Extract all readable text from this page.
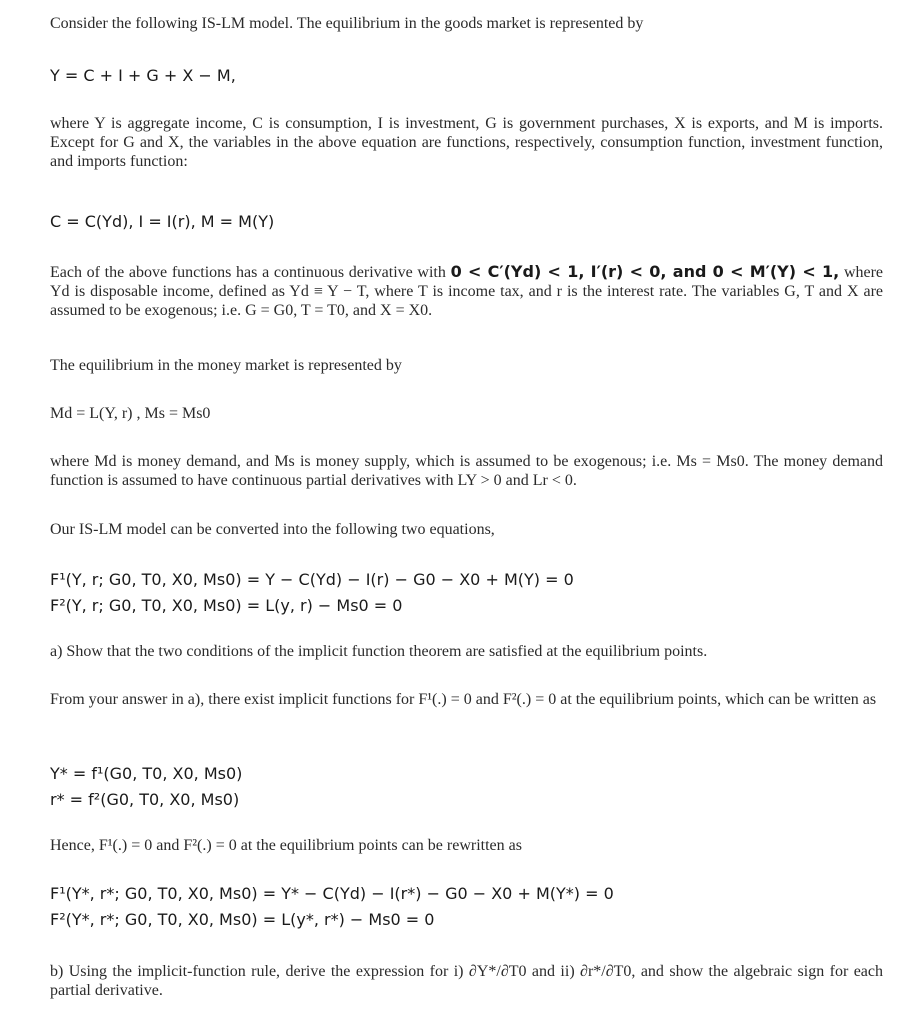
Consider the following IS-LM model. The equilibrium in the goods market is represented by

Y = C + I + G + X − M,

where Y is aggregate income, C is consumption, I is investment, G is government purchases, X is exports, and M is imports. Except for G and X, the variables in the above equation are functions, respectively, consumption function, investment function, and imports function:

C = C(Yd), I = I(r), M = M(Y)

Each of the above functions has a continuous derivative with 0 < C′(Yd) < 1, I′(r) < 0, and 0 < M′(Y) < 1, where Yd is disposable income, defined as Yd ≡ Y − T, where T is income tax, and r is the interest rate. The variables G, T and X are assumed to be exogenous; i.e. G = G0, T = T0, and X = X0.

The equilibrium in the money market is represented by

Md = L(Y, r) , Ms = Ms0

where Md is money demand, and Ms is money supply, which is assumed to be exogenous; i.e. Ms = Ms0. The money demand function is assumed to have continuous partial derivatives with LY > 0 and Lr < 0.

Our IS-LM model can be converted into the following two equations,

F¹(Y, r; G0, T0, X0, Ms0) = Y − C(Yd) − I(r) − G0 − X0 + M(Y) = 0

F²(Y, r; G0, T0, X0, Ms0) = L(y, r) − Ms0 = 0

a) Show that the two conditions of the implicit function theorem are satisfied at the equilibrium points.

From your answer in a), there exist implicit functions for F¹(.) = 0 and F²(.) = 0 at the equilibrium points, which can be written as

Y* = f¹(G0, T0, X0, Ms0)

r* = f²(G0, T0, X0, Ms0)

Hence, F¹(.) = 0 and F²(.) = 0 at the equilibrium points can be rewritten as

F¹(Y*, r*; G0, T0, X0, Ms0) = Y* − C(Yd) − I(r*) − G0 − X0 + M(Y*) = 0

F²(Y*, r*; G0, T0, X0, Ms0) = L(y*, r*) − Ms0 = 0

b) Using the implicit-function rule, derive the expression for i) ∂Y*/∂T0 and ii) ∂r*/∂T0, and show the algebraic sign for each partial derivative.
